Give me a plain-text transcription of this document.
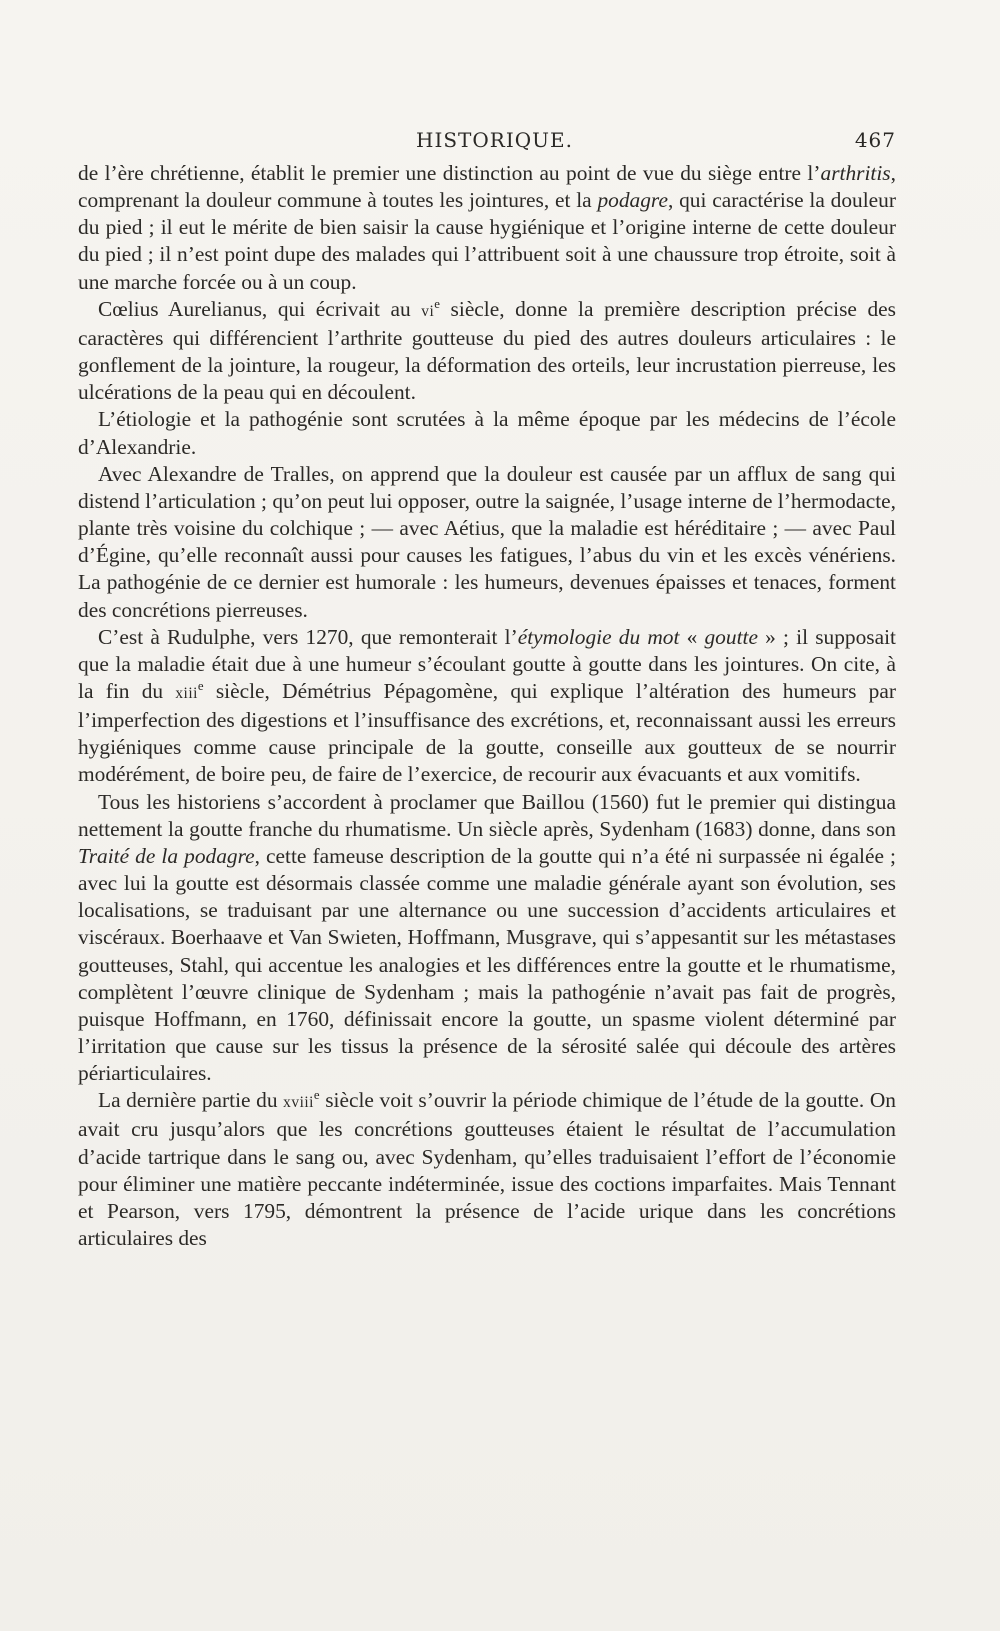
HISTORIQUE.	467

de l’ère chrétienne, établit le premier une distinction au point de vue du siège entre l’arthritis, comprenant la douleur commune à toutes les jointures, et la podagre, qui caractérise la douleur du pied ; il eut le mérite de bien saisir la cause hygiénique et l’origine interne de cette douleur du pied ; il n’est point dupe des malades qui l’attribuent soit à une chaussure trop étroite, soit à une marche forcée ou à un coup.

Cœlius Aurelianus, qui écrivait au $vi^e$ siècle, donne la première description précise des caractères qui différencient l’arthrite goutteuse du pied des autres douleurs articulaires : le gonflement de la jointure, la rougeur, la déformation des orteils, leur incrustation pierreuse, les ulcérations de la peau qui en découlent.

L’étiologie et la pathogénie sont scrutées à la même époque par les médecins de l’école d’Alexandrie.

Avec Alexandre de Tralles, on apprend que la douleur est causée par un afflux de sang qui distend l’articulation ; qu’on peut lui opposer, outre la saignée, l’usage interne de l’hermodacte, plante très voisine du colchique ; — avec Aétius, que la maladie est héréditaire ; — avec Paul d’Égine, qu’elle reconnaît aussi pour causes les fatigues, l’abus du vin et les excès vénériens. La pathogénie de ce dernier est humorale : les humeurs, devenues épaisses et tenaces, forment des concrétions pierreuses.

C’est à Rudulphe, vers 1270, que remonterait l’étymologie du mot « goutte » ; il supposait que la maladie était due à une humeur s’écoulant goutte à goutte dans les jointures. On cite, à la fin du xiii$^e$ siècle, Démétrius Pépagomène, qui explique l’altération des humeurs par l’imperfection des digestions et l’insuffisance des excrétions, et, reconnaissant aussi les erreurs hygiéniques comme cause principale de la goutte, conseille aux goutteux de se nourrir modérément, de boire peu, de faire de l’exercice, de recourir aux évacuants et aux vomitifs.

Tous les historiens s’accordent à proclamer que Baillou (1560) fut le premier qui distingua nettement la goutte franche du rhumatisme. Un siècle après, Sydenham (1683) donne, dans son Traité de la podagre, cette fameuse description de la goutte qui n’a été ni surpassée ni égalée ; avec lui la goutte est désormais classée comme une maladie générale ayant son évolution, ses localisations, se traduisant par une alternance ou une succession d’accidents articulaires et viscéraux. Boerhaave et Van Swieten, Hoffmann, Musgrave, qui s’appesantit sur les métastases goutteuses, Stahl, qui accentue les analogies et les différences entre la goutte et le rhumatisme, complètent l’œuvre clinique de Sydenham ; mais la pathogénie n’avait pas fait de progrès, puisque Hoffmann, en 1760, définissait encore la goutte, un spasme violent déterminé par l’irritation que cause sur les tissus la présence de la sérosité salée qui découle des artères périarticulaires.

La dernière partie du xviii$^e$ siècle voit s’ouvrir la période chimique de l’étude de la goutte. On avait cru jusqu’alors que les concrétions goutteuses étaient le résultat de l’accumulation d’acide tartrique dans le sang ou, avec Sydenham, qu’elles traduisaient l’effort de l’économie pour éliminer une matière peccante indéterminée, issue des coctions imparfaites. Mais Tennant et Pearson, vers 1795, démontrent la présence de l’acide urique dans les concrétions articulaires des
